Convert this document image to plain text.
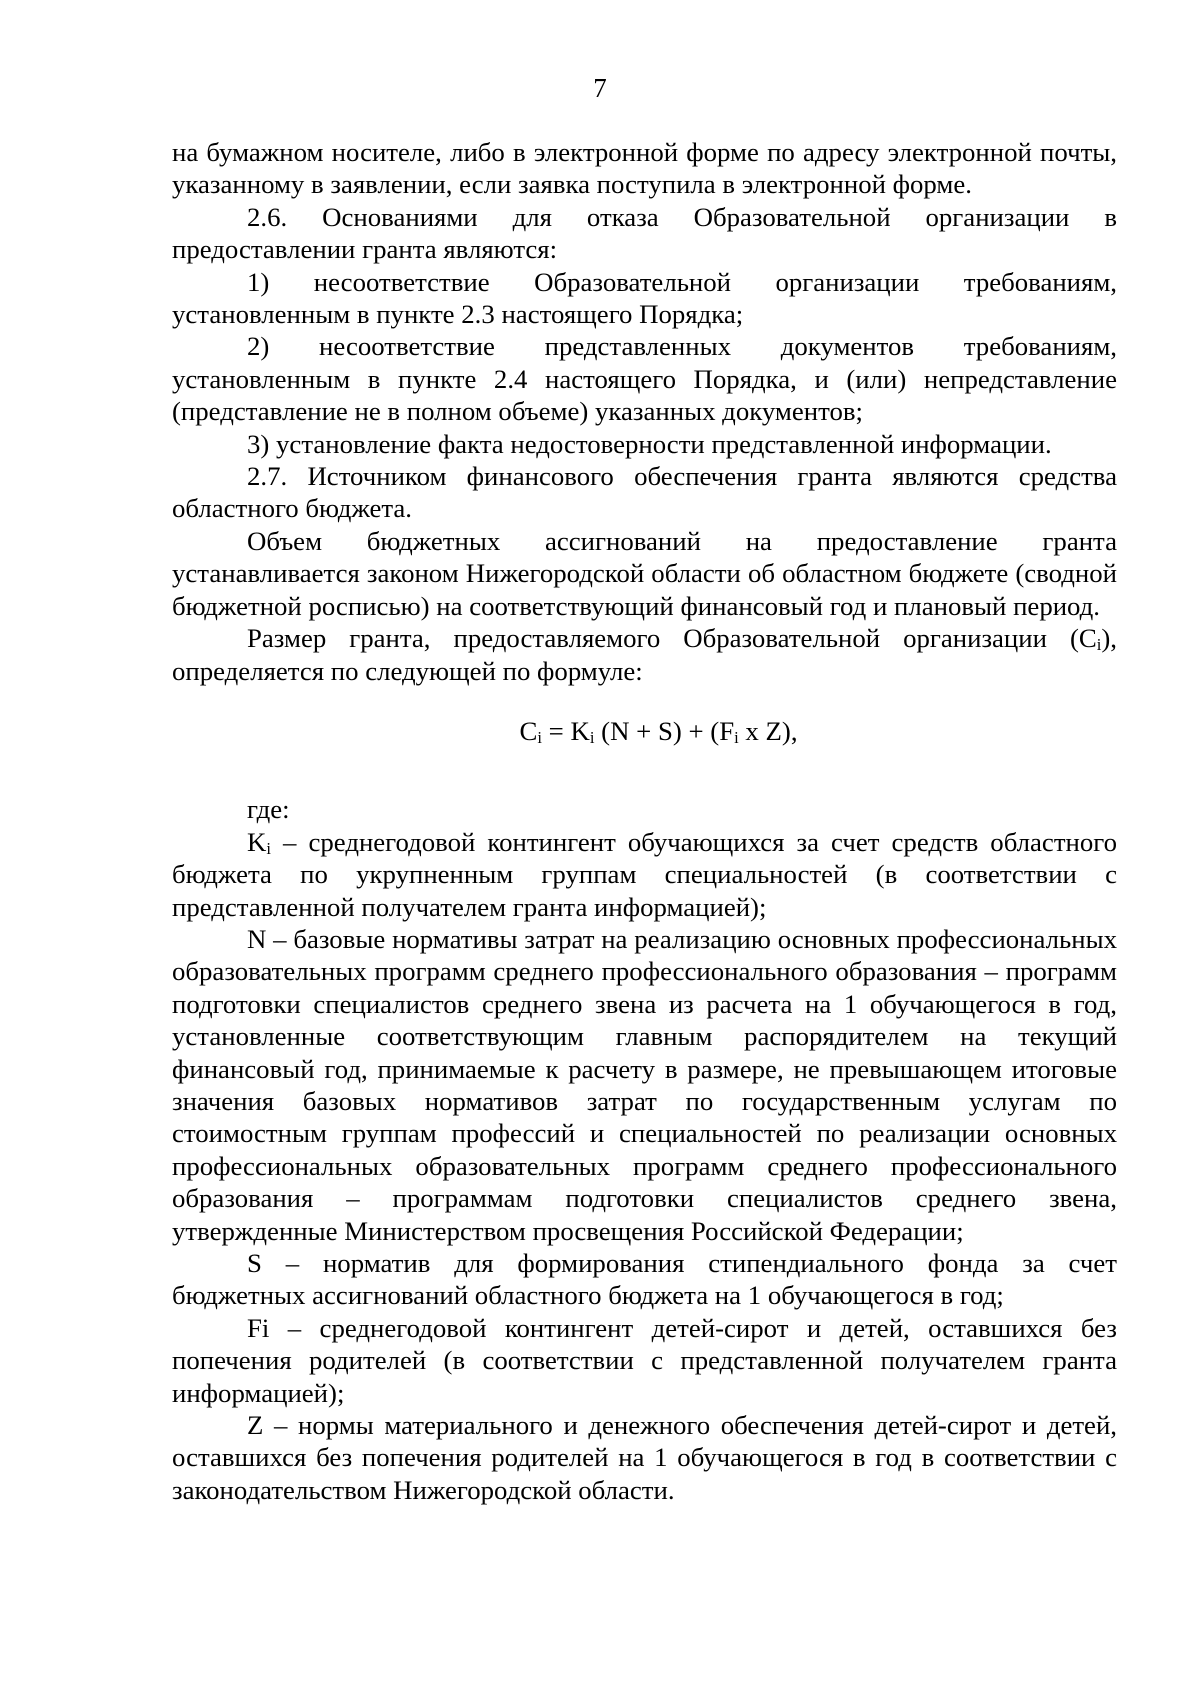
7

на бумажном носителе, либо в электронной форме по адресу электронной почты, указанному в заявлении, если заявка поступила в электронной форме.

2.6. Основаниями для отказа Образовательной организации в предоставлении гранта являются:

1) несоответствие Образовательной организации требованиям, установленным в пункте 2.3 настоящего Порядка;

2) несоответствие представленных документов требованиям, установленным в пункте 2.4 настоящего Порядка, и (или) непредставление (представление не в полном объеме) указанных документов;

3) установление факта недостоверности представленной информации.

2.7. Источником финансового обеспечения гранта являются средства областного бюджета.

Объем бюджетных ассигнований на предоставление гранта устанавливается законом Нижегородской области об областном бюджете (сводной бюджетной росписью) на соответствующий финансовый год и плановый период.

Размер гранта, предоставляемого Образовательной организации $(C_i)$, определяется по следующей по формуле:

$C_i = K_i$ $(N + S) + (F_i$ x Z),

где:

$K_i$ – среднегодовой контингент обучающихся за счет средств областного бюджета по укрупненным группам специальностей (в соответствии с представленной получателем гранта информацией);

N – базовые нормативы затрат на реализацию основных профессиональных образовательных программ среднего профессионального образования – программ подготовки специалистов среднего звена из расчета на 1 обучающегося в год, установленные соответствующим главным распорядителем на текущий финансовый год, принимаемые к расчету в размере, не превышающем итоговые значения базовых нормативов затрат по государственным услугам по стоимостным группам профессий и специальностей по реализации основных профессиональных образовательных программ среднего профессионального образования – программам подготовки специалистов среднего звена, утвержденные Министерством просвещения Российской Федерации;

S – норматив для формирования стипендиального фонда за счет бюджетных ассигнований областного бюджета на 1 обучающегося в год;

Fi – среднегодовой контингент детей-сирот и детей, оставшихся без попечения родителей (в соответствии с представленной получателем гранта информацией);

Z – нормы материального и денежного обеспечения детей-сирот и детей, оставшихся без попечения родителей на 1 обучающегося в год в соответствии с законодательством Нижегородской области.
